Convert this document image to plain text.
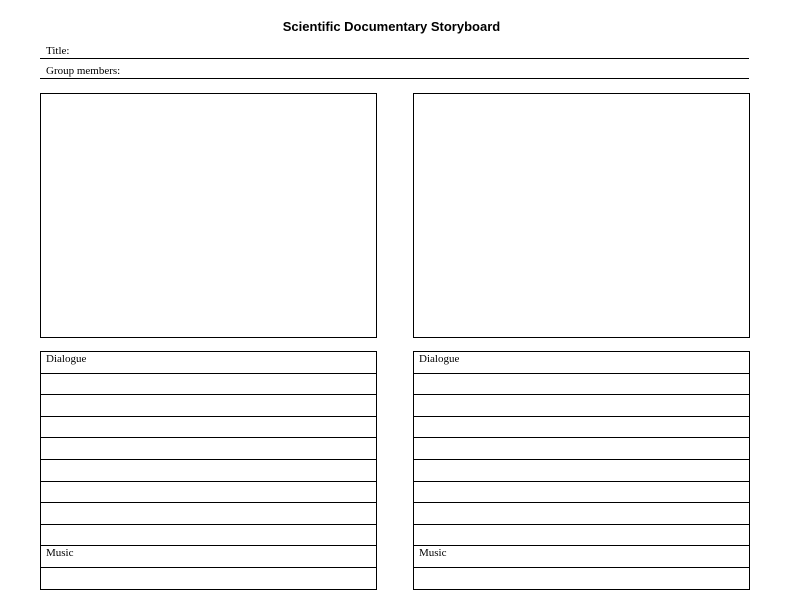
Scientific Documentary Storyboard
Title:
Group members:
Dialogue
Music
Dialogue
Music
